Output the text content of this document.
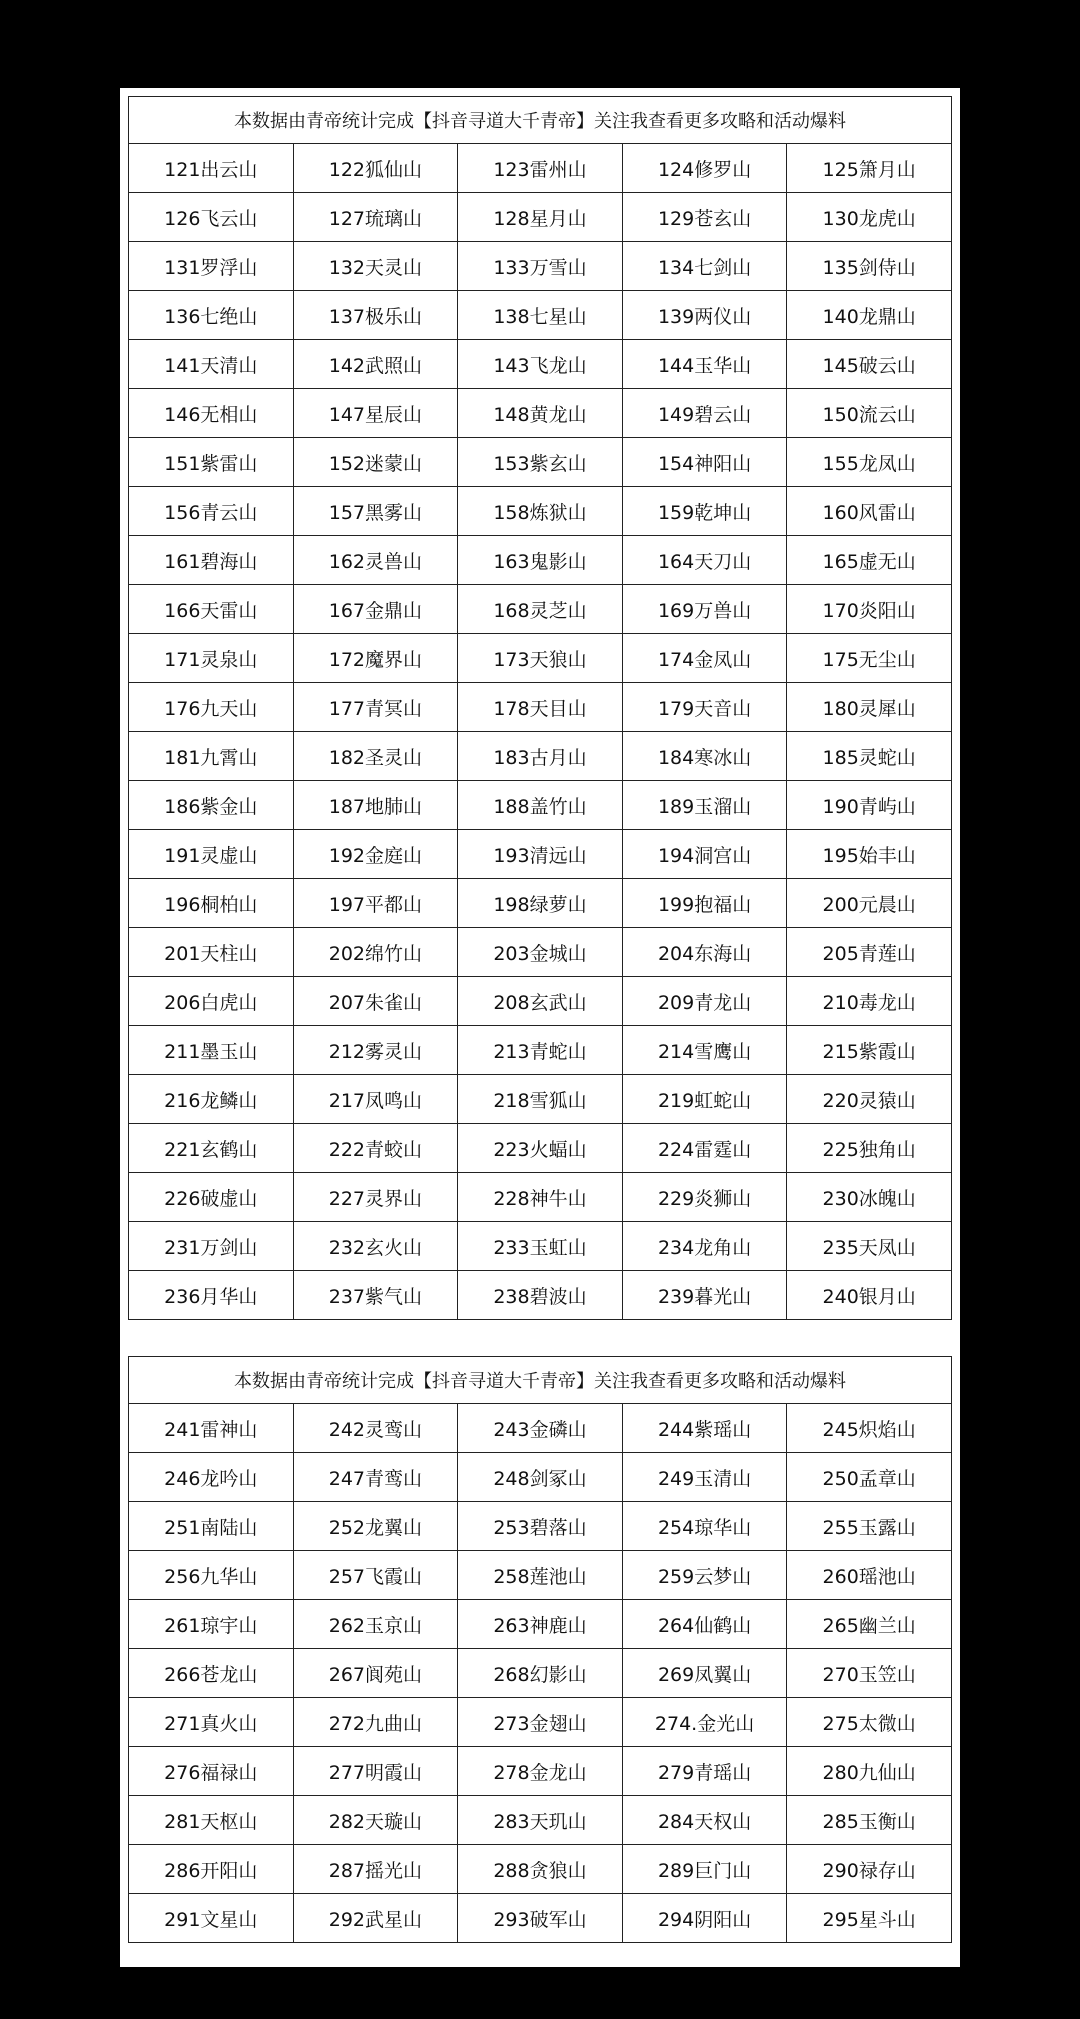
本数据由青帝统计完成【抖音寻道大千青帝】关注我查看更多攻略和活动爆料				
121出云山	122狐仙山	123雷州山	124修罗山	125箫月山
126飞云山	127琉璃山	128星月山	129苍玄山	130龙虎山
131罗浮山	132天灵山	133万雪山	134七剑山	135剑侍山
136七绝山	137极乐山	138七星山	139两仪山	140龙鼎山
141天清山	142武照山	143飞龙山	144玉华山	145破云山
146无相山	147星辰山	148黄龙山	149碧云山	150流云山
151紫雷山	152迷蒙山	153紫玄山	154神阳山	155龙凤山
156青云山	157黑雾山	158炼狱山	159乾坤山	160风雷山
161碧海山	162灵兽山	163鬼影山	164天刀山	165虚无山
166天雷山	167金鼎山	168灵芝山	169万兽山	170炎阳山
171灵泉山	172魔界山	173天狼山	174金凤山	175无尘山
176九天山	177青冥山	178天目山	179天音山	180灵犀山
181九霄山	182圣灵山	183古月山	184寒冰山	185灵蛇山
186紫金山	187地肺山	188盖竹山	189玉溜山	190青屿山
191灵虚山	192金庭山	193清远山	194洞宫山	195始丰山
196桐柏山	197平都山	198绿萝山	199抱福山	200元晨山
201天柱山	202绵竹山	203金城山	204东海山	205青莲山
206白虎山	207朱雀山	208玄武山	209青龙山	210毒龙山
211墨玉山	212雾灵山	213青蛇山	214雪鹰山	215紫霞山
216龙鳞山	217凤鸣山	218雪狐山	219虹蛇山	220灵猿山
221玄鹤山	222青蛟山	223火蝠山	224雷霆山	225独角山
226破虚山	227灵界山	228神牛山	229炎狮山	230冰魄山
231万剑山	232玄火山	233玉虹山	234龙角山	235天凤山
236月华山	237紫气山	238碧波山	239暮光山	240银月山
本数据由青帝统计完成【抖音寻道大千青帝】关注我查看更多攻略和活动爆料				
241雷神山	242灵鸾山	243金磷山	244紫瑶山	245炽焰山
246龙吟山	247青鸾山	248剑冢山	249玉清山	250孟章山
251南陆山	252龙翼山	253碧落山	254琼华山	255玉露山
256九华山	257飞霞山	258莲池山	259云梦山	260瑶池山
261琼宇山	262玉京山	263神鹿山	264仙鹤山	265幽兰山
266苍龙山	267阆苑山	268幻影山	269凤翼山	270玉笠山
271真火山	272九曲山	273金翅山	274.金光山	275太微山
276福禄山	277明霞山	278金龙山	279青瑶山	280九仙山
281天枢山	282天璇山	283天玑山	284天权山	285玉衡山
286开阳山	287摇光山	288贪狼山	289巨门山	290禄存山
291文星山	292武星山	293破军山	294阴阳山	295星斗山
